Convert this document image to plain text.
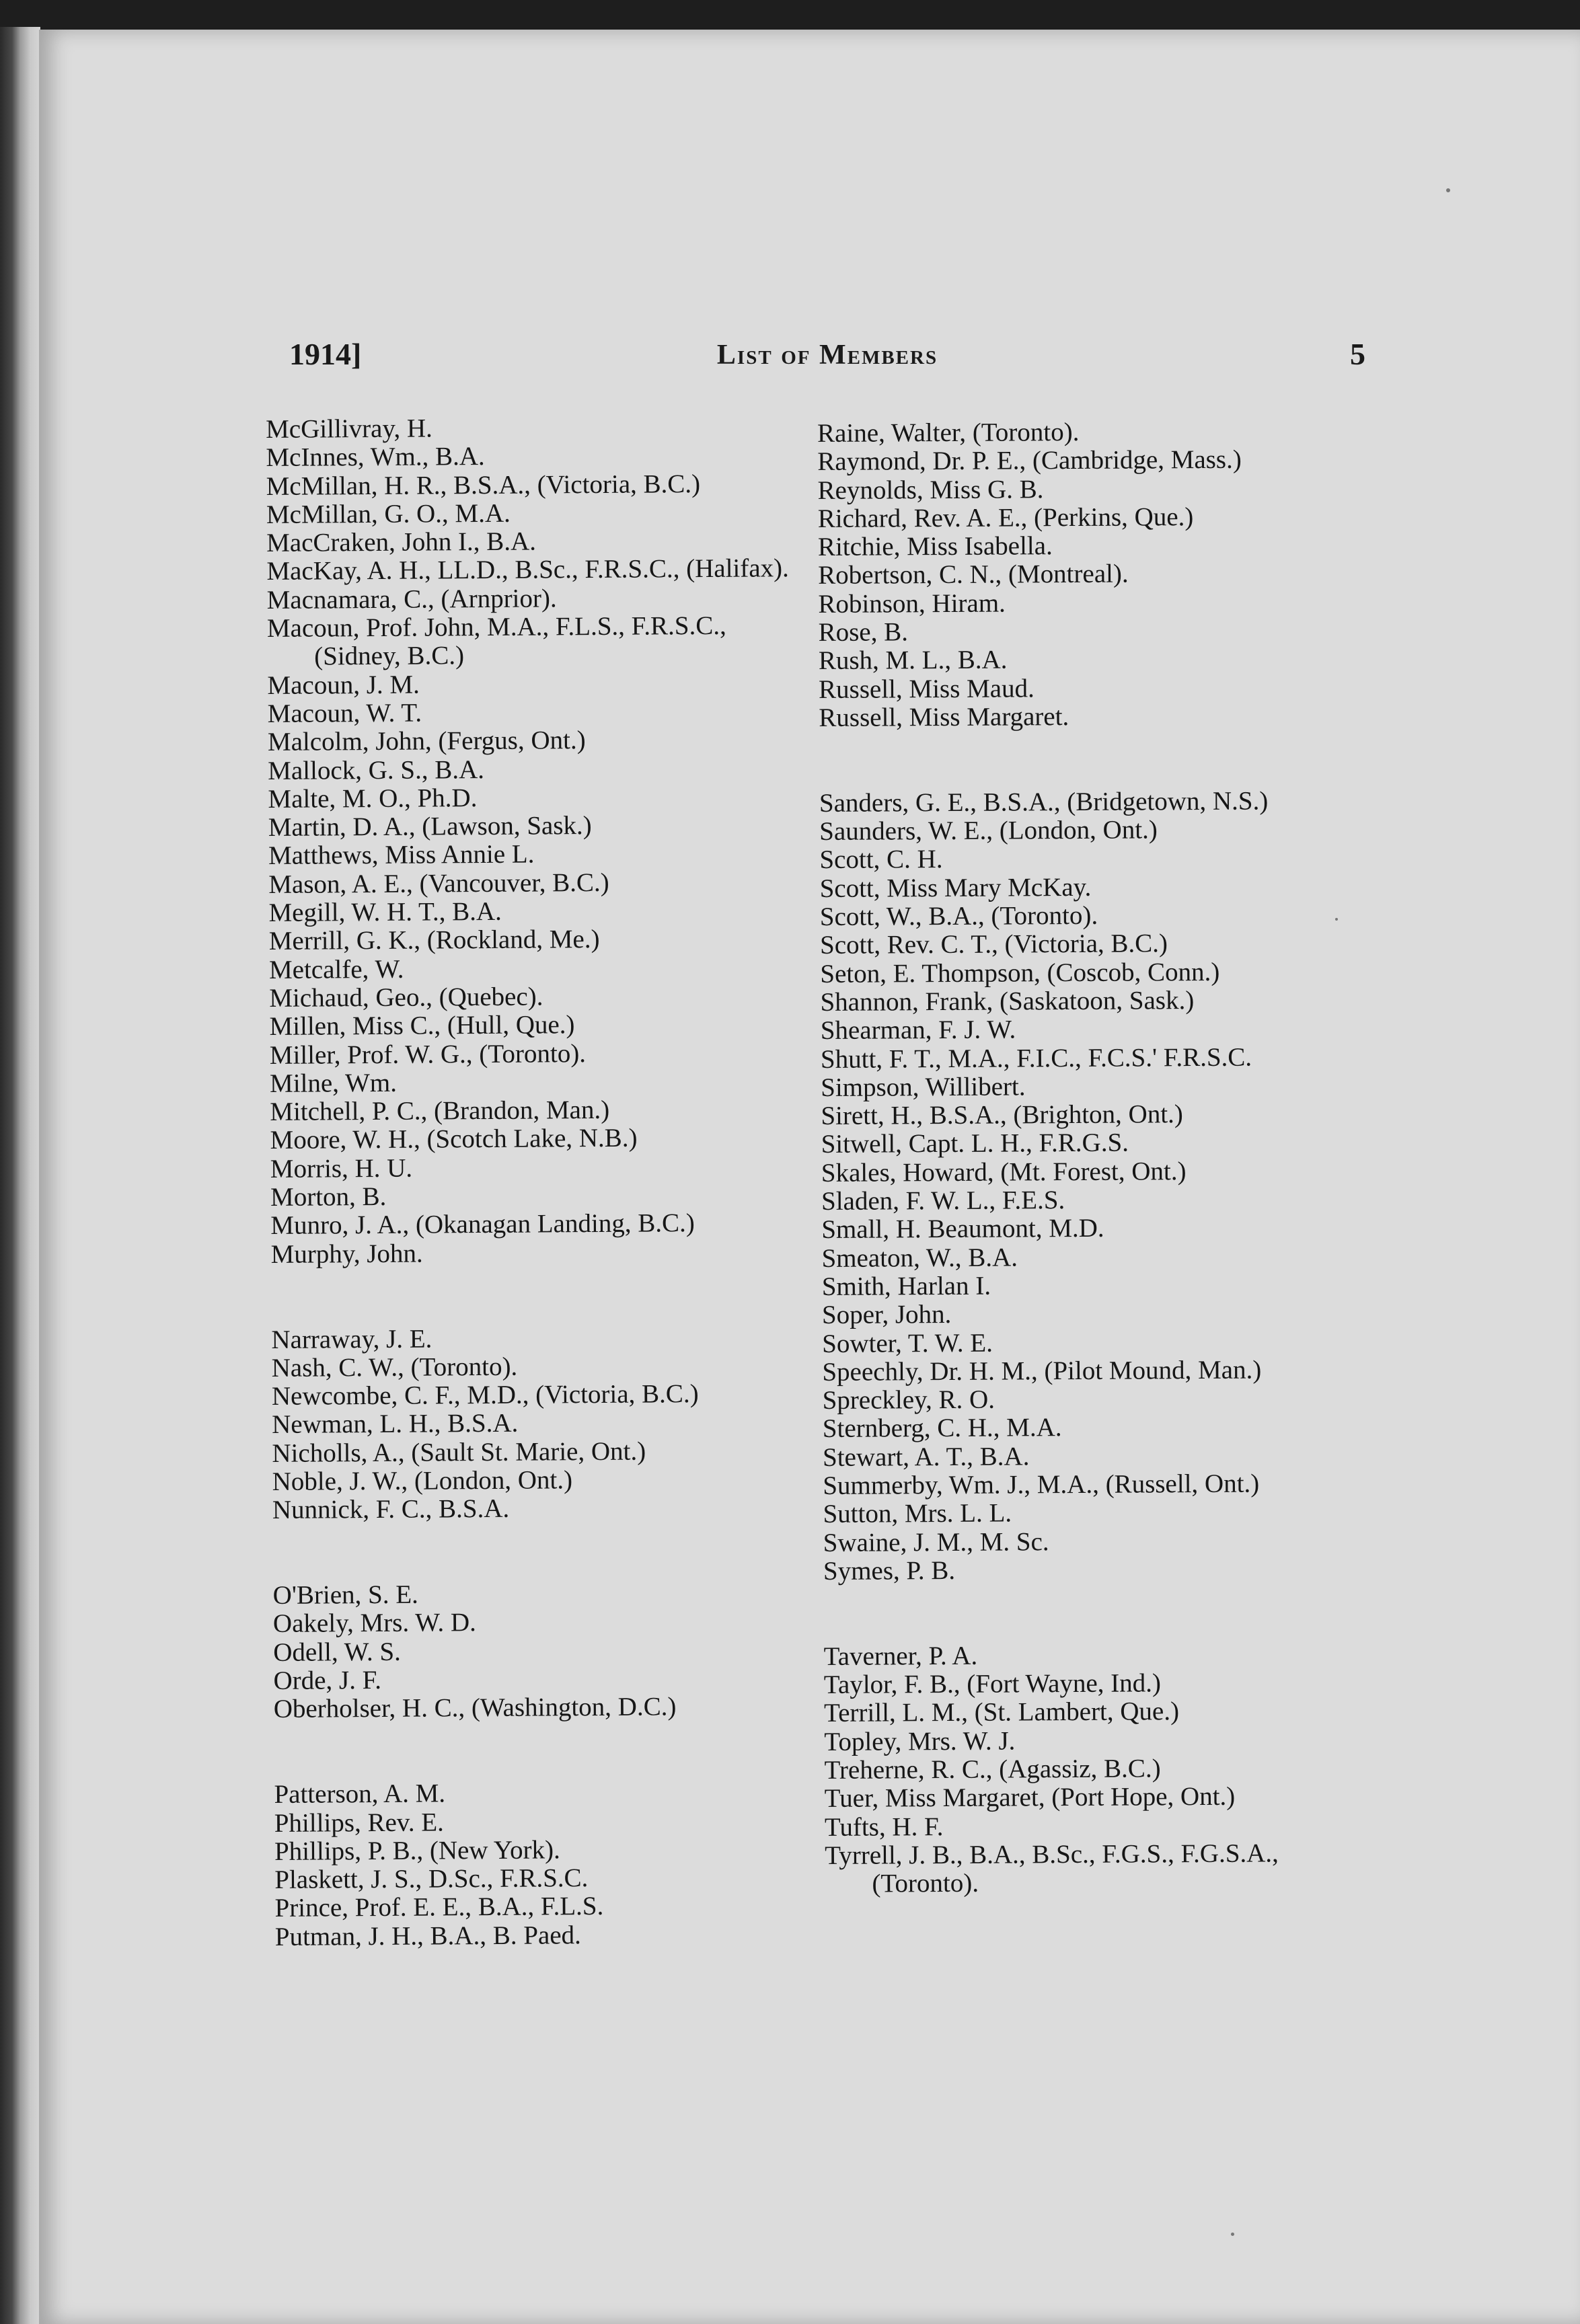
1914]	List of Members	5

McGillivray, H.

McInnes, Wm., B.A.

McMillan, H. R., B.S.A., (Victoria, B.C.)

McMillan, G. O., M.A.

MacCraken, John I., B.A.

MacKay, A. H., LL.D., B.Sc., F.R.S.C., (Halifax).

Macnamara, C., (Arnprior).

Macoun, Prof. John, M.A., F.L.S., F.R.S.C., (Sidney, B.C.)

Macoun, J. M.

Macoun, W. T.

Malcolm, John, (Fergus, Ont.)

Mallock, G. S., B.A.

Malte, M. O., Ph.D.

Martin, D. A., (Lawson, Sask.)

Matthews, Miss Annie L.

Mason, A. E., (Vancouver, B.C.)

Megill, W. H. T., B.A.

Merrill, G. K., (Rockland, Me.)

Metcalfe, W.

Michaud, Geo., (Quebec).

Millen, Miss C., (Hull, Que.)

Miller, Prof. W. G., (Toronto).

Milne, Wm.

Mitchell, P. C., (Brandon, Man.)

Moore, W. H., (Scotch Lake, N.B.)

Morris, H. U.

Morton, B.

Munro, J. A., (Okanagan Landing, B.C.)

Murphy, John.

Narraway, J. E.

Nash, C. W., (Toronto).

Newcombe, C. F., M.D., (Victoria, B.C.)

Newman, L. H., B.S.A.

Nicholls, A., (Sault St. Marie, Ont.)

Noble, J. W., (London, Ont.)

Nunnick, F. C., B.S.A.

O'Brien, S. E.

Oakely, Mrs. W. D.

Odell, W. S.

Orde, J. F.

Oberholser, H. C., (Washington, D.C.)

Patterson, A. M.

Phillips, Rev. E.

Phillips, P. B., (New York).

Plaskett, J. S., D.Sc., F.R.S.C.

Prince, Prof. E. E., B.A., F.L.S.

Putman, J. H., B.A., B. Paed.

Raine, Walter, (Toronto).

Raymond, Dr. P. E., (Cambridge, Mass.)

Reynolds, Miss G. B.

Richard, Rev. A. E., (Perkins, Que.)

Ritchie, Miss Isabella.

Robertson, C. N., (Montreal).

Robinson, Hiram.

Rose, B.

Rush, M. L., B.A.

Russell, Miss Maud.

Russell, Miss Margaret.

Sanders, G. E., B.S.A., (Bridgetown, N.S.)

Saunders, W. E., (London, Ont.)

Scott, C. H.

Scott, Miss Mary McKay.

Scott, W., B.A., (Toronto).

Scott, Rev. C. T., (Victoria, B.C.)

Seton, E. Thompson, (Coscob, Conn.)

Shannon, Frank, (Saskatoon, Sask.)

Shearman, F. J. W.

Shutt, F. T., M.A., F.I.C., F.C.S.' F.R.S.C.

Simpson, Willibert.

Sirett, H., B.S.A., (Brighton, Ont.)

Sitwell, Capt. L. H., F.R.G.S.

Skales, Howard, (Mt. Forest, Ont.)

Sladen, F. W. L., F.E.S.

Small, H. Beaumont, M.D.

Smeaton, W., B.A.

Smith, Harlan I.

Soper, John.

Sowter, T. W. E.

Speechly, Dr. H. M., (Pilot Mound, Man.)

Spreckley, R. O.

Sternberg, C. H., M.A.

Stewart, A. T., B.A.

Summerby, Wm. J., M.A., (Russell, Ont.)

Sutton, Mrs. L. L.

Swaine, J. M., M. Sc.

Symes, P. B.

Taverner, P. A.

Taylor, F. B., (Fort Wayne, Ind.)

Terrill, L. M., (St. Lambert, Que.)

Topley, Mrs. W. J.

Treherne, R. C., (Agassiz, B.C.)

Tuer, Miss Margaret, (Port Hope, Ont.)

Tufts, H. F.

Tyrrell, J. B., B.A., B.Sc., F.G.S., F.G.S.A., (Toronto).
